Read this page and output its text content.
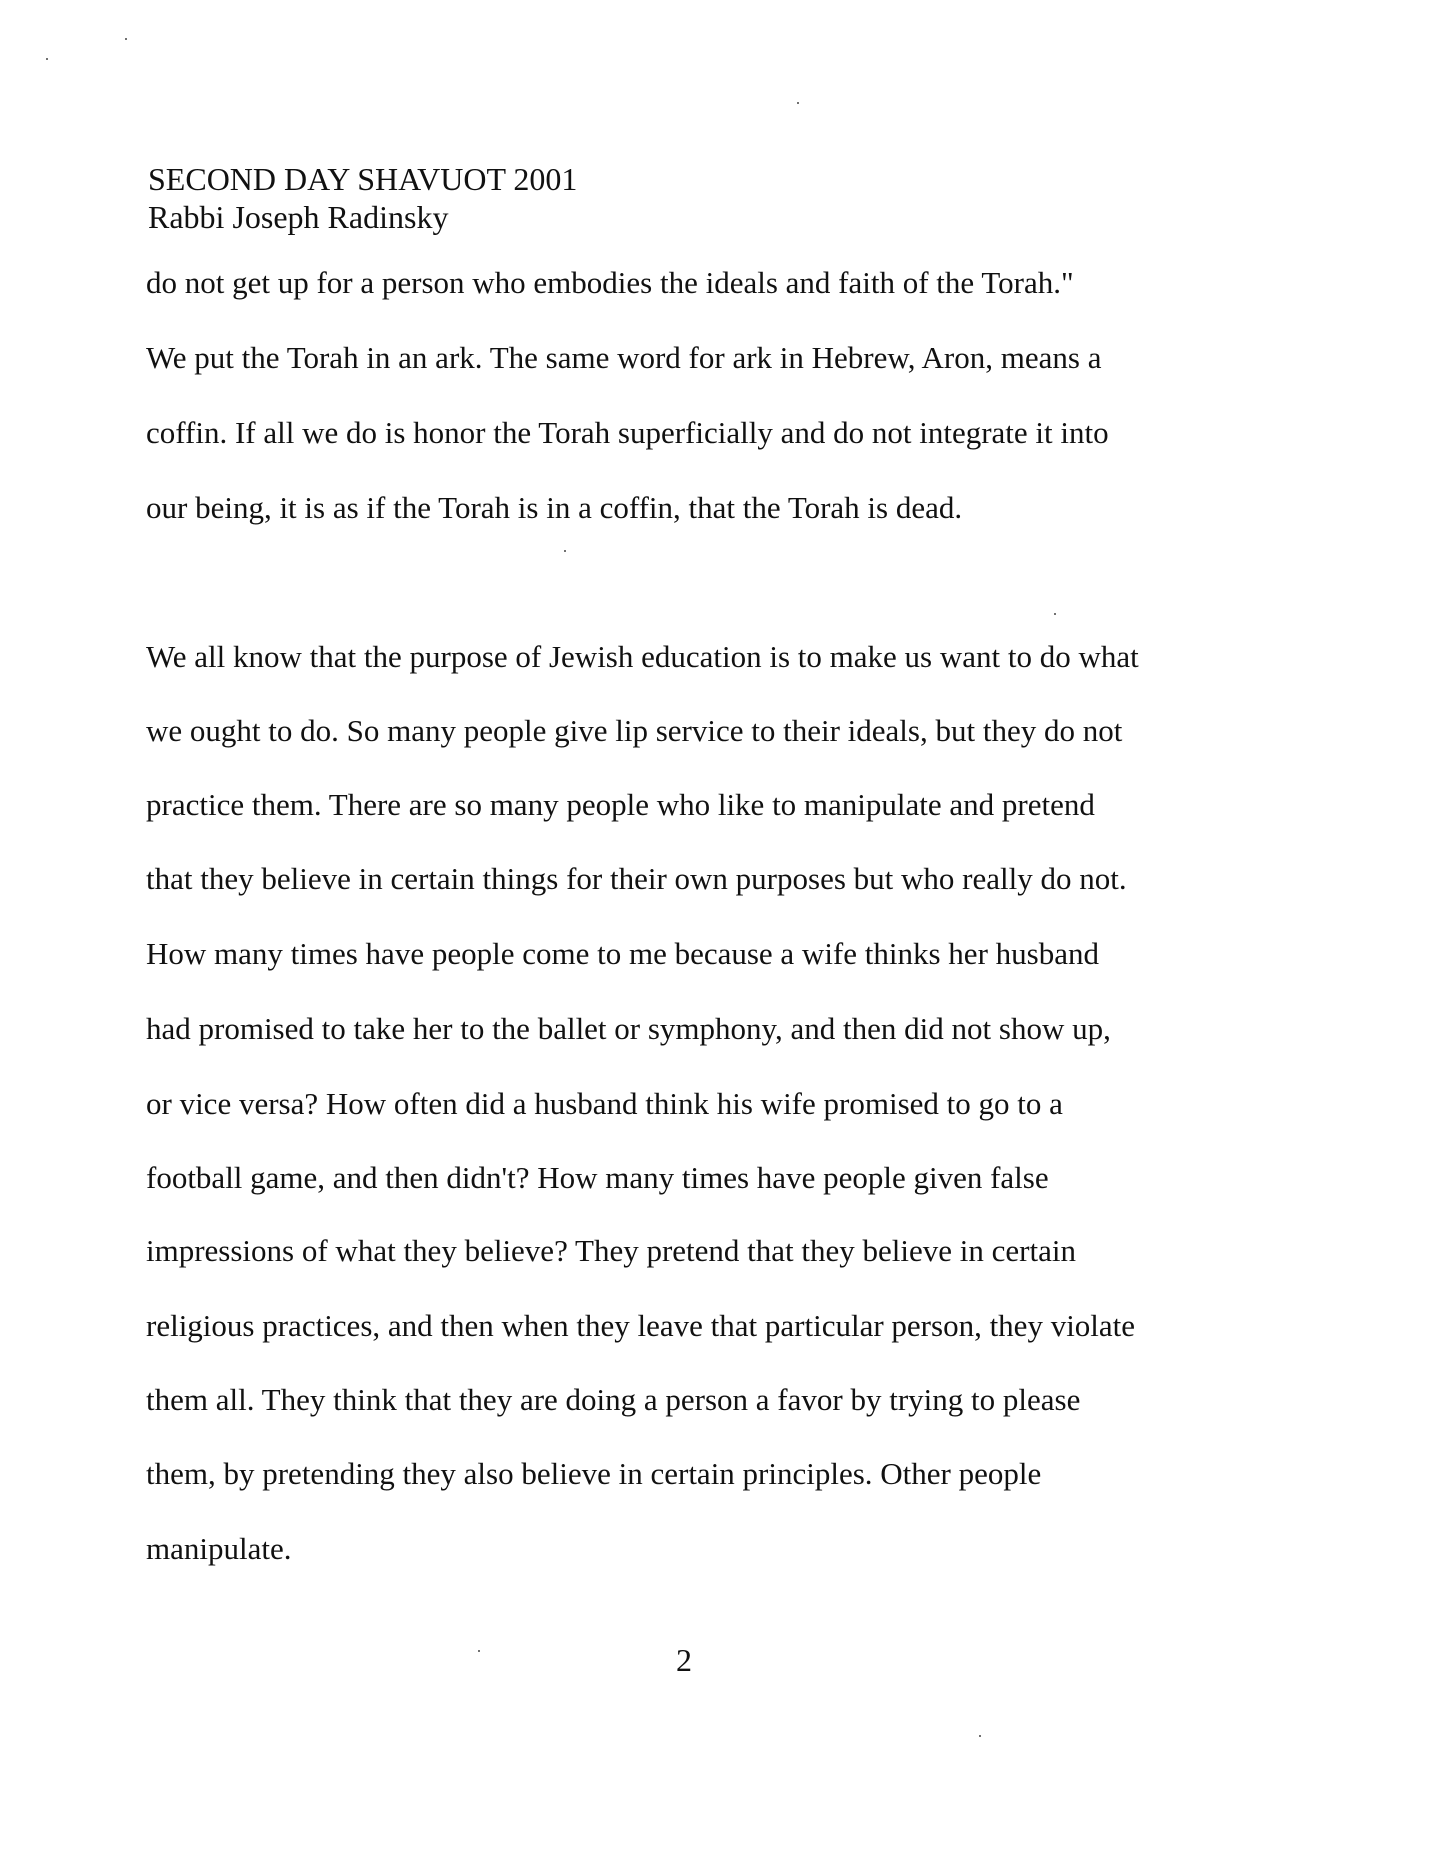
SECOND DAY SHAVUOT 2001
Rabbi Joseph Radinsky
do not get up for a person who embodies the ideals and faith of the Torah."
We put the Torah in an ark. The same word for ark in Hebrew, Aron, means a
coffin. If all we do is honor the Torah superficially and do not integrate it into
our being, it is as if the Torah is in a coffin, that the Torah is dead.
We all know that the purpose of Jewish education is to make us want to do what
we ought to do. So many people give lip service to their ideals, but they do not
practice them. There are so many people who like to manipulate and pretend
that they believe in certain things for their own purposes but who really do not.
How many times have people come to me because a wife thinks her husband
had promised to take her to the ballet or symphony, and then did not show up,
or vice versa? How often did a husband think his wife promised to go to a
football game, and then didn't? How many times have people given false
impressions of what they believe? They pretend that they believe in certain
religious practices, and then when they leave that particular person, they violate
them all. They think that they are doing a person a favor by trying to please
them, by pretending they also believe in certain principles. Other people
manipulate.
2
